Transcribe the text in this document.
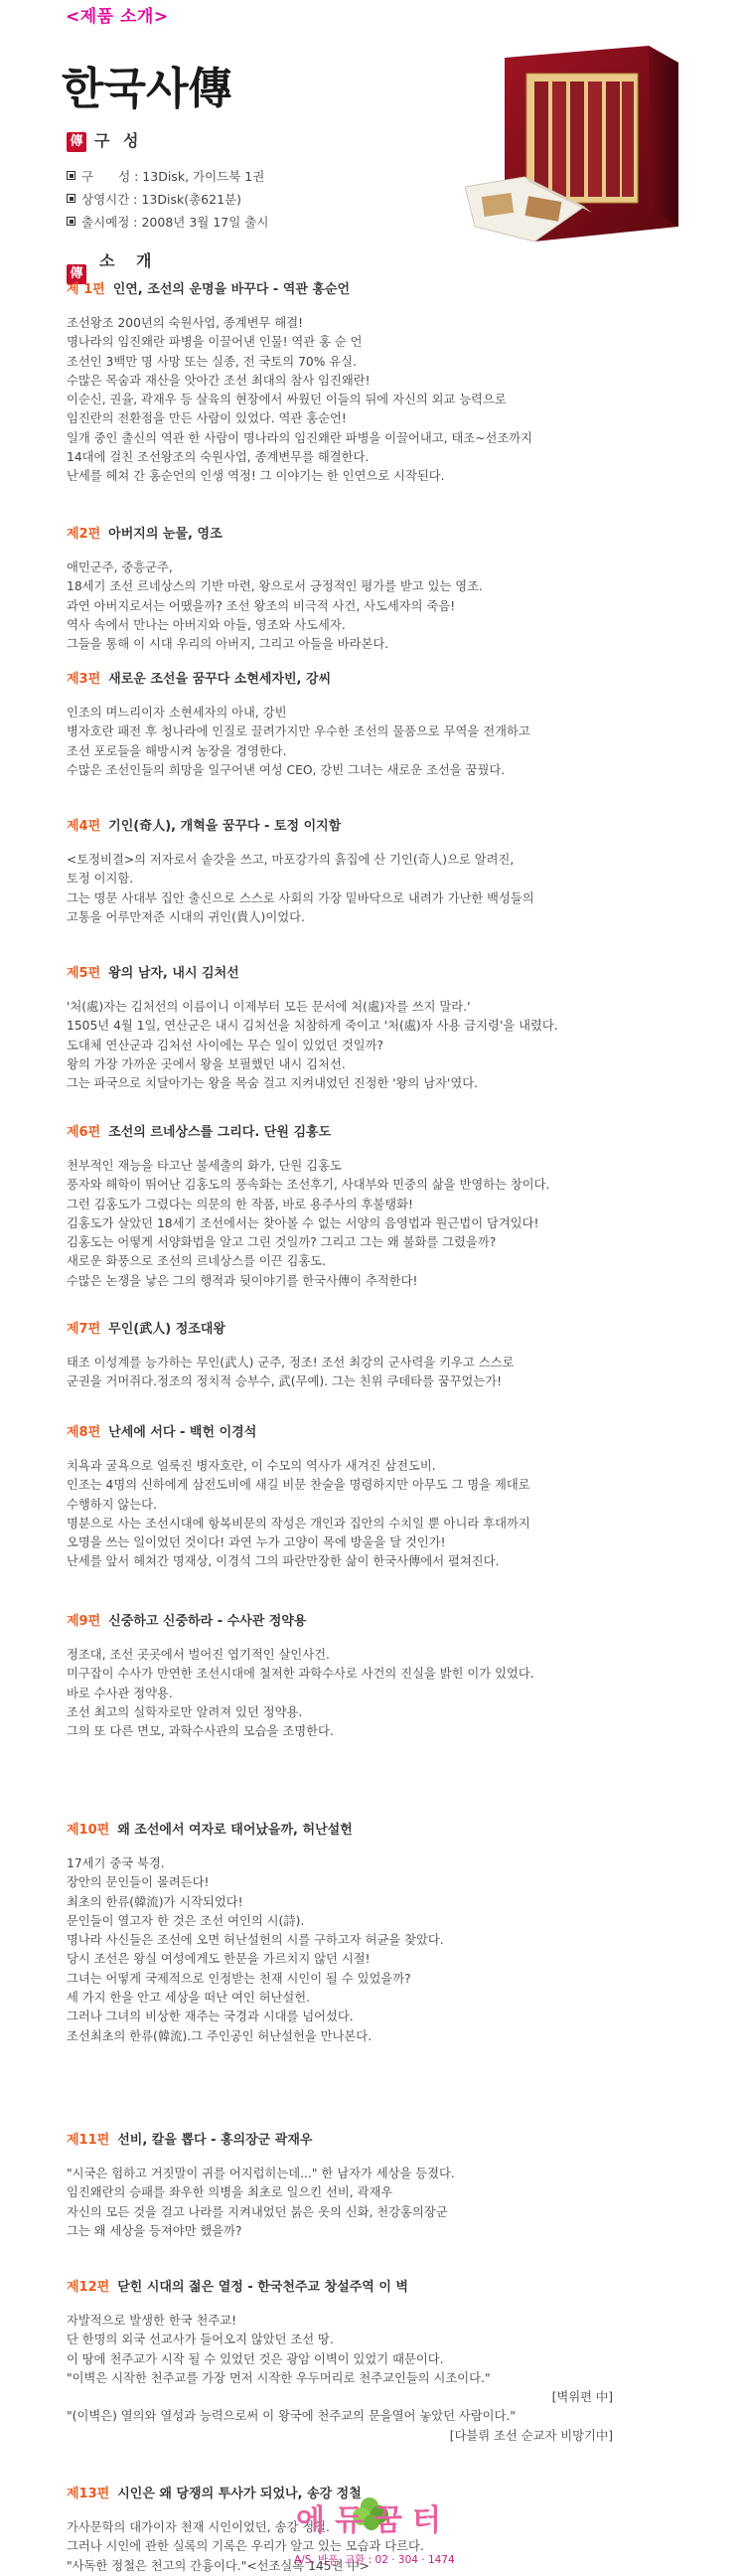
<제품 소개>
한국사傳
傳 구 성
구　　성 : 13Disk, 가이드북 1권
상영시간 : 13Disk(총621분)
출시예정 : 2008년 3월 17일 출시
소 개
傳
제 1편 인연, 조선의 운명을 바꾸다 - 역관 홍순언
조선왕조 200년의 숙원사업, 종계변무 해결!
명나라의 임진왜란 파병을 이끌어낸 인물! 역관 홍 순 언
조선인 3백만 명 사망 또는 실종, 전 국토의 70% 유실.
수많은 목숨과 재산을 앗아간 조선 최대의 참사 임진왜란!
이순신, 권율, 곽재우 등 살육의 현장에서 싸웠던 이들의 뒤에 자신의 외교 능력으로
임진란의 전환점을 만든 사람이 있었다. 역관 홍순언!
일개 중인 출신의 역관 한 사람이 명나라의 임진왜란 파병을 이끌어내고, 태조~선조까지
14대에 걸친 조선왕조의 숙원사업, 종계변무를 해결한다.
난세를 헤쳐 간 홍순언의 인생 역정! 그 이야기는 한 인연으로 시작된다.
제2편 아버지의 눈물, 영조
애민군주, 중흥군주,
18세기 조선 르네상스의 기반 마련, 왕으로서 긍정적인 평가를 받고 있는 영조.
과연 아버지로서는 어땠을까? 조선 왕조의 비극적 사건, 사도세자의 죽음!
역사 속에서 만나는 아버지와 아들, 영조와 사도세자.
그들을 통해 이 시대 우리의 아버지, 그리고 아들을 바라본다.
제3편 새로운 조선을 꿈꾸다 소현세자빈, 강씨
인조의 며느리이자 소현세자의 아내, 강빈
병자호란 패전 후 청나라에 인질로 끌려가지만 우수한 조선의 물품으로 무역을 전개하고
조선 포로들을 해방시켜 농장을 경영한다.
수많은 조선인들의 희망을 일구어낸 여성 CEO, 강빈 그녀는 새로운 조선을 꿈꿨다.
제4편 기인(奇人), 개혁을 꿈꾸다 - 토정 이지함
<토정비결>의 저자로서 솥갓을 쓰고, 마포강가의 흙집에 산 기인(奇人)으로 알려진,
토정 이지함.
그는 명문 사대부 집안 출신으로 스스로 사회의 가장 밑바닥으로 내려가 가난한 백성들의
고통을 어루만져준 시대의 귀인(貴人)이었다.
제5편 왕의 남자, 내시 김처선
'처(處)자는 김처선의 이름이니 이제부터 모든 문서에 처(處)자를 쓰지 말라.'
1505년 4월 1일, 연산군은 내시 김처선을 처참하게 죽이고 '처(處)자 사용 금지령'을 내렸다.
도대체 연산군과 김처선 사이에는 무슨 일이 있었던 것일까?
왕의 가장 가까운 곳에서 왕을 보필했던 내시 김처선.
그는 파국으로 치달아가는 왕을 목숨 걸고 지켜내었던 진정한 '왕의 남자'였다.
제6편 조선의 르네상스를 그리다. 단원 김홍도
천부적인 재능을 타고난 불세출의 화가, 단원 김홍도
풍자와 해학이 뛰어난 김홍도의 풍속화는 조선후기, 사대부와 민중의 삶을 반영하는 창이다.
그런 김홍도가 그렸다는 의문의 한 작품, 바로 용주사의 후불탱화!
김홍도가 살았던 18세기 조선에서는 찾아볼 수 없는 서양의 음영법과 원근법이 담겨있다!
김홍도는 어떻게 서양화법을 알고 그린 것일까? 그리고 그는 왜 불화를 그렸을까?
새로운 화풍으로 조선의 르네상스를 이끈 김홍도.
수많은 논쟁을 낳은 그의 행적과 뒷이야기를 한국사傳이 추적한다!
제7편 무인(武人) 정조대왕
태조 이성계를 능가하는 무인(武人) 군주, 정조! 조선 최강의 군사력을 키우고 스스로
군권을 거머쥐다.정조의 정치적 승부수, 武(무예). 그는 친위 쿠데타를 꿈꾸었는가!
제8편 난세에 서다 - 백헌 이경석
치욕과 굴욕으로 얼룩진 병자호란, 이 수모의 역사가 새겨진 삼전도비.
인조는 4명의 신하에게 삼전도비에 새길 비문 찬술을 명령하지만 아무도 그 명을 제대로
수행하지 않는다.
명분으로 사는 조선시대에 항복비문의 작성은 개인과 집안의 수치일 뿐 아니라 후대까지
오명을 쓰는 일이었던 것이다! 과연 누가 고양이 목에 방울을 달 것인가!
난세를 앞서 헤쳐간 명재상, 이경석 그의 파란만장한 삶이 한국사傳에서 펼쳐진다.
제9편 신중하고 신중하라 - 수사관 정약용
정조대, 조선 곳곳에서 벌어진 엽기적인 살인사건.
미구잡이 수사가 만연한 조선시대에 철저한 과학수사로 사건의 진실을 밝힌 이가 있었다.
바로 수사관 정약용.
조선 최고의 실학자로만 알려져 있던 정약용.
그의 또 다른 면모, 과학수사관의 모습을 조명한다.
제10편 왜 조선에서 여자로 태어났을까, 허난설헌
17세기 중국 북경.
장안의 문인들이 몰려든다!
최초의 한류(韓流)가 시작되었다!
문인들이 열고자 한 것은 조선 여인의 시(詩).
명나라 사신들은 조선에 오면 허난설헌의 시를 구하고자 허균을 찾았다.
당시 조선은 왕실 여성에게도 한문을 가르치지 않던 시절!
그녀는 어떻게 국제적으로 인정받는 천재 시인이 될 수 있었을까?
세 가지 한을 안고 세상을 떠난 여인 허난설헌.
그러나 그녀의 비상한 재주는 국경과 시대를 넘어섰다.
조선최초의 한류(韓流).그 주인공인 허난설헌을 만나본다.
제11편 선비, 칼을 뽑다 - 홍의장군 곽재우
"시국은 험하고 거짓말이 귀를 어지럽히는데..." 한 남자가 세상을 등졌다.
임진왜란의 승패를 좌우한 의병을 최초로 일으킨 선비, 곽재우
자신의 모든 것을 걸고 나라를 지켜내었던 붉은 옷의 신화, 천강홍의장군
그는 왜 세상을 등져야만 했을까?
제12편 닫힌 시대의 젊은 열정 - 한국천주교 창설주역 이 벽
자발적으로 발생한 한국 천주교!
단 한명의 외국 선교사가 들어오지 않았던 조선 땅.
이 땅에 천주교가 시작 될 수 있었던 것은 광암 이벽이 있었기 때문이다.
"이벽은 시작한 천주교를 가장 먼저 시작한 우두머리로 천주교인들의 시조이다."
[벽위편 中]
"(이벽은) 열의와 열성과 능력으로써 이 왕국에 천주교의 문을열어 놓았던 사람이다."
[다블뤼 조선 순교자 비망기中]
제13편 시인은 왜 당쟁의 투사가 되었나, 송강 정철
가사문학의 대가이자 천재 시인이었던, 송강 정철.
그러나 시인에 관한 실록의 기록은 우리가 알고 있는 모습과 다르다.
"사독한 정철은 천고의 간흉이다."<선조실록 145권 中>
에듀꿈터
A/S, 반품, 교환 : 02 · 304 · 1474
